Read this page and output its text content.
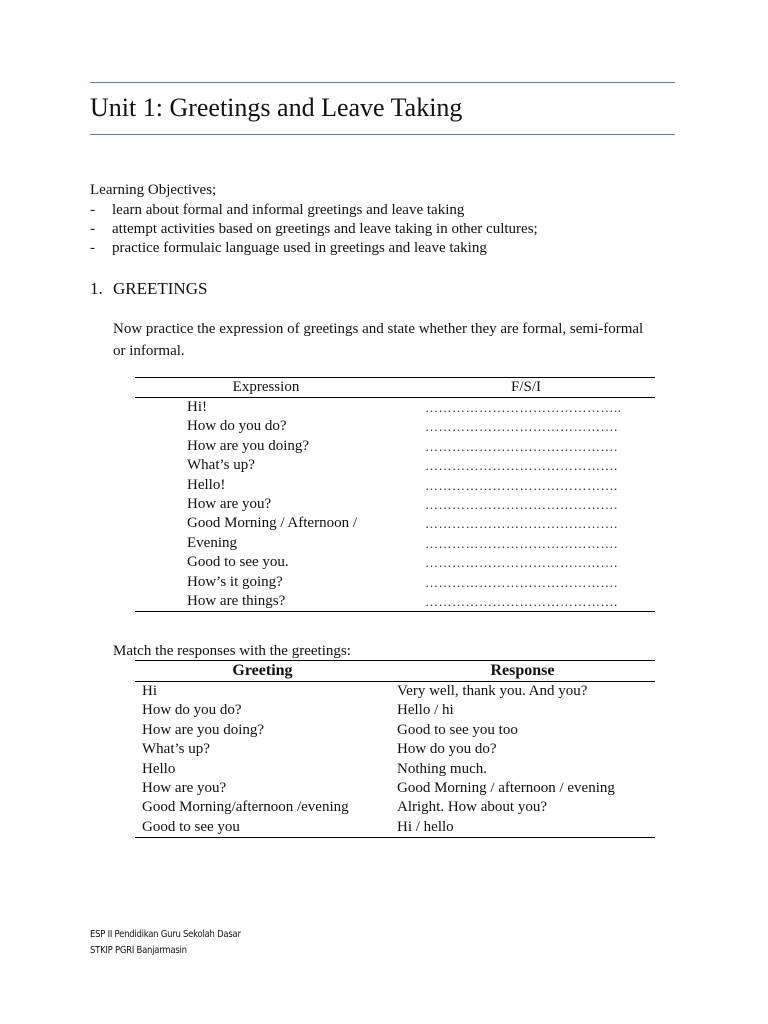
Unit 1: Greetings and Leave Taking
Learning Objectives;
- learn about formal and informal greetings and leave taking
- attempt activities based on greetings and leave taking in other cultures;
- practice formulaic language used in greetings and leave taking
1. GREETINGS
Now practice the expression of greetings and state whether they are formal, semi-formal or informal.
Expression	F/S/I
Hi!	……………………………………..
How do you do?	…………………………………….
How are you doing?	…………………………………….
What’s up?	…………………………………….
Hello!	…………………………………….
How are you?	…………………………………….
Good Morning / Afternoon /	…………………………………….
Evening	…………………………………….
Good to see you.	…………………………………….
How’s it going?	…………………………………….
How are things?	…………………………………….
Match the responses with the greetings:
Greeting	Response
Hi	Very well, thank you. And you?
How do you do?	Hello / hi
How are you doing?	Good to see you too
What’s up?	How do you do?
Hello	Nothing much.
How are you?	Good Morning / afternoon / evening
Good Morning/afternoon /evening	Alright. How about you?
Good to see you	Hi / hello
ESP II Pendidikan Guru Sekolah Dasar
STKIP PGRI Banjarmasin
